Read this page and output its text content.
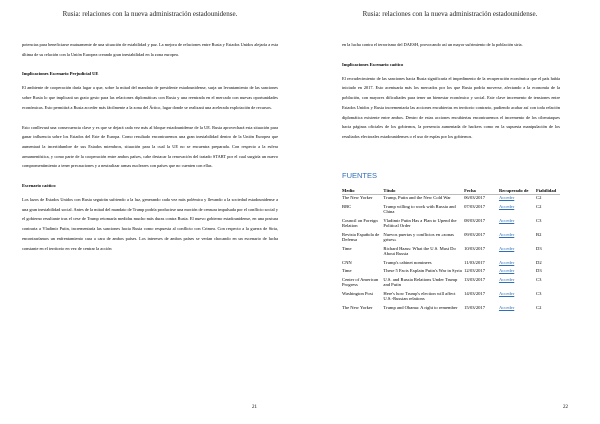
Rusia: relaciones con la nueva administración estadounidense.

potencias para beneficiarse mutuamente de una situación de estabilidad y paz. La mejora de relaciones entre Rusia y Estados Unidos alejaría a esta última de su relación con la Unión Europea creando gran inestabilidad en la zona europea.

Implicaciones Escenario Perjudicial UE

El ambiente de cooperación daría lugar a que, sobre la mitad del mandato de presidente estadounidense, surja un levantamiento de las sanciones sobre Rusia lo que implicará un grato gesto para las relaciones diplomáticas con Rusia y una reentrada en el mercado con nuevas oportunidades económicas. Esto permitirá a Rusia acceder más fácilmente a la zona del Ártico, lugar donde se realizará una acelerada explotación de recursos.

Esto conllevará una consecuencia clave y es que se dejará cada vez más al bloque estadounidense de la UE. Rusia aprovechará esta situación para ganar influencia sobre los Estados del Este de Europa. Como resultado encontraremos una gran inestabilidad dentro de la Unión Europea que aumentará la incertidumbre de sus Estados miembros, situación para la cual la UE no se encuentra preparada. Con respecto a la esfera armamentística, y como parte de la cooperación entre ambos países, cabe destacar la renovación del tratado START por el cual surgiría un nuevo compromentimiento a tener precauciones y a neutralizar armas nucleares con países que no cuenten con ellas.

Escenario caótico

Los lazos de Estados Unidos con Rusia seguirán sufriendo a la luz, generando cada vez más polémica y llevando a la sociedad estadounidense a una gran inestabilidad social. Antes de la mitad del mandato de Trump podría producirse una moción de censura impulsada por el conflicto social y el gobierno resultante tras el cese de Trump retomaría medidas mucho más duras contra Rusia. El nuevo gobierno estadounidense, en una postura contraria a Vladimir Putin, incrementaría las sanciones hacia Rusia como respuesta al conflicto con Crimea. Con respecto a la guerra de Siria, encontraríamos un enfrentamiento cara a cara de ambos países. Los intereses de ambos países se verían chocando en un escenario de lucha constante en el territorio en vez de centrar la acción

21
Rusia: relaciones con la nueva administración estadounidense.

en la lucha contra el terrorismo del DAESH, provocando así un mayor sufrimiento de la población siria.

Implicaciones Escenario caótico

El recrudecimiento de las sanciones hacia Rusia significaría el impedimento de la recuperación económica que el país había iniciado en 2017. Esto acentuaría más los mercados por los que Rusia podría moverse, afectando a la economía de la población, con mayores dificultades para tener un bienestar económico y social. Este clave incremento de tensiones entre Estados Unidos y Rusia incrementaría las acciones encubiertas en territorio contrario, pudiendo acabar así con toda relación diplomática existente entre ambos. Dentro de estas acciones encubiertas encontraremos el incremento de los ciberataques hacia páginas oficiales de los gobiernos, la presencia aumentada de hackers como en la supuesta manipulación de los resultados electorales estadounidenses o el uso de espías por los gobiernos.

FUENTES
Medio	Título	Fecha	Recuperado de	Fiabilidad
The New Yorker	Trump, Putin and the New Cold War	06/03/2017	Acceder	C2
BBC	Trump willing to work with Russia and China	07/03/2017	Acceder	C2
Council on Foreign Relation	Vladimir Putin Has a Plan to Upend the Political Order	08/03/2017	Acceder	C3
Revista Española de Defensa	Nuevos puertas y conflictos en «zonas grises»	09/03/2017	Acceder	B2
Time	Richard Haass: What the U.S. Must Do About Russia	10/03/2017	Acceder	D3
CNN	Trump's cabinet nominees	11/03/2017	Acceder	D2
Time	These 5 Facts Explain Putin's War in Syria	12/03/2017	Acceder	D3
Center of American Progress	U.S. and Russia Relations Under Trump and Putin	13/03/2017	Acceder	C3
Washington Post	Here's how Trump's election will affect U.S.-Russian relations	14/03/2017	Acceder	C3
The New Yorker	Trump and Obama: A right to remember	15/03/2017	Acceder	C2
22
